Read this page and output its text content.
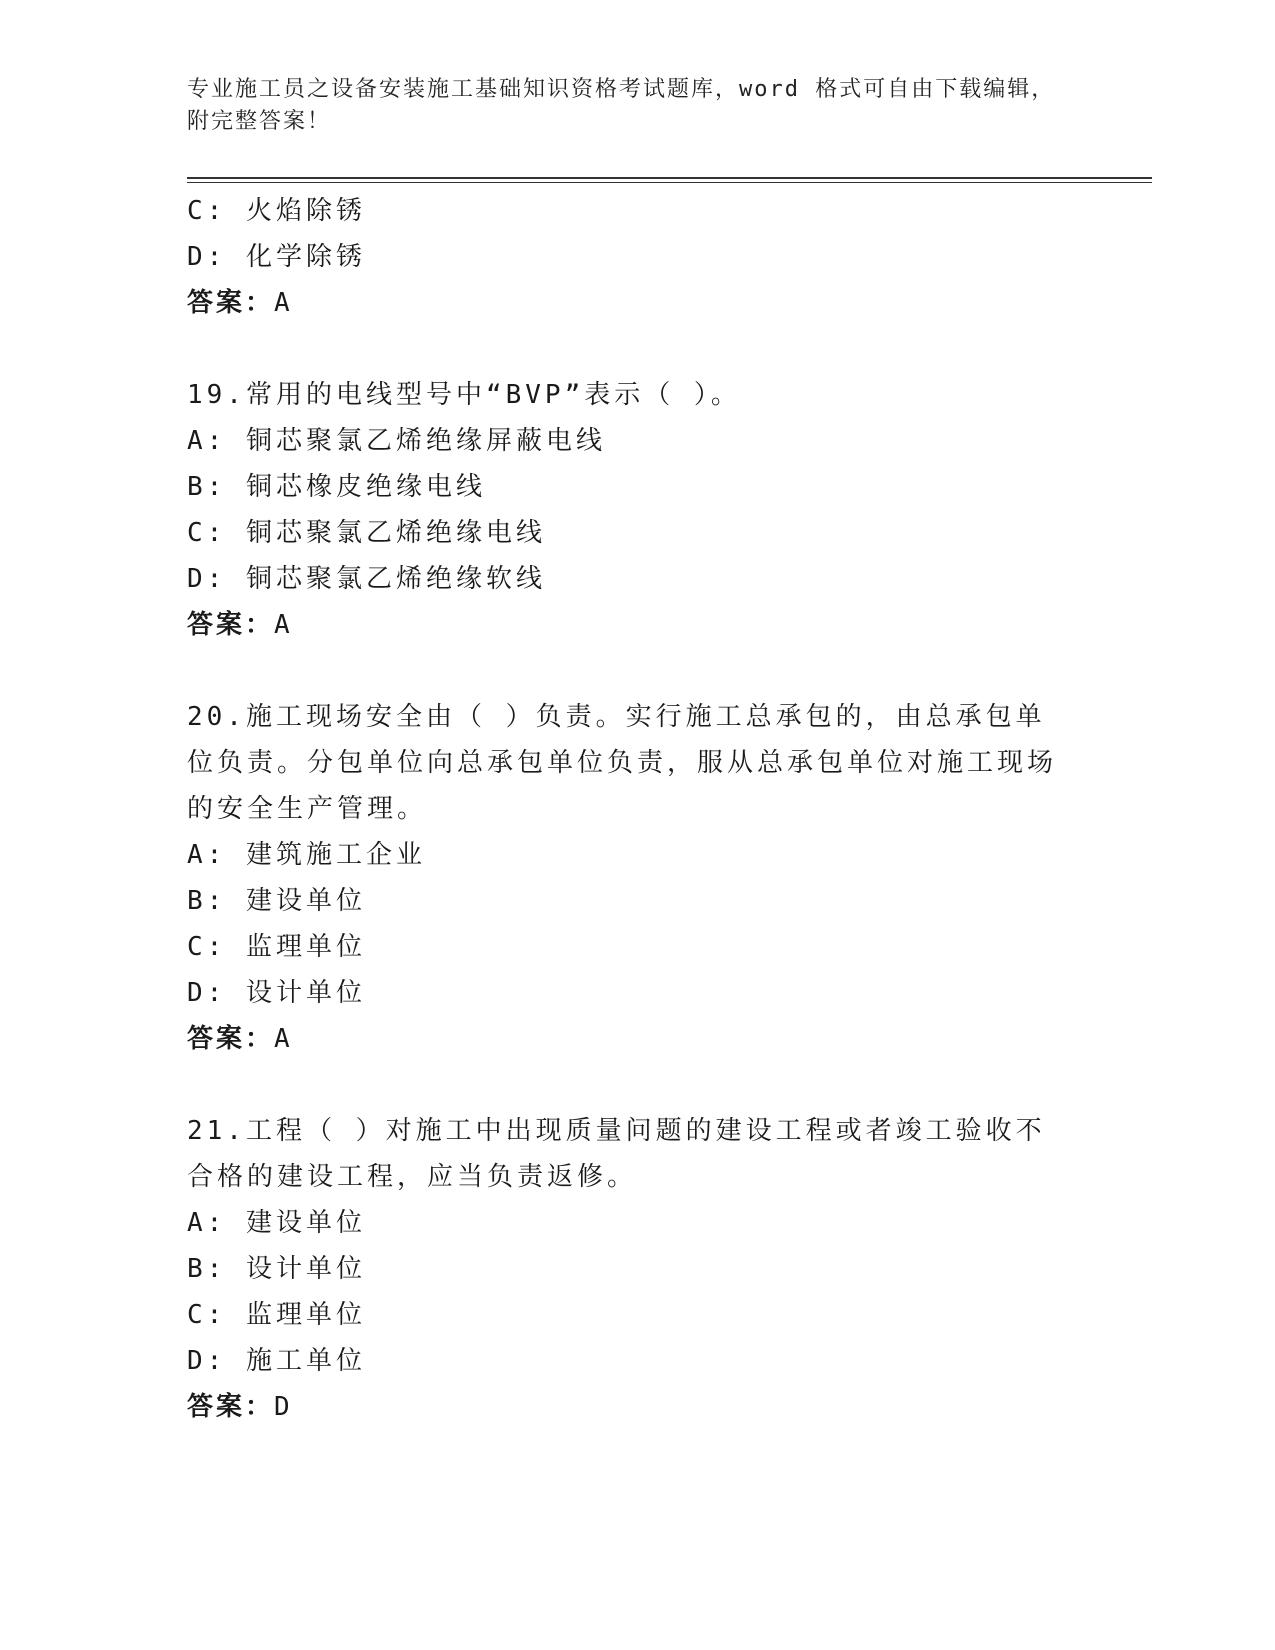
专业施工员之设备安装施工基础知识资格考试题库，word 格式可自由下载编辑，
附完整答案！
C: 火焰除锈
D: 化学除锈
答案：A
19.常用的电线型号中“BVP”表示（ ）。
A: 铜芯聚氯乙烯绝缘屏蔽电线
B: 铜芯橡皮绝缘电线
C: 铜芯聚氯乙烯绝缘电线
D: 铜芯聚氯乙烯绝缘软线
答案：A
20.施工现场安全由（ ）负责。实行施工总承包的，由总承包单位负责。分包单位向总承包单位负责，服从总承包单位对施工现场的安全生产管理。
A: 建筑施工企业
B: 建设单位
C: 监理单位
D: 设计单位
答案：A
21.工程（ ）对施工中出现质量问题的建设工程或者竣工验收不合格的建设工程，应当负责返修。
A: 建设单位
B: 设计单位
C: 监理单位
D: 施工单位
答案：D
